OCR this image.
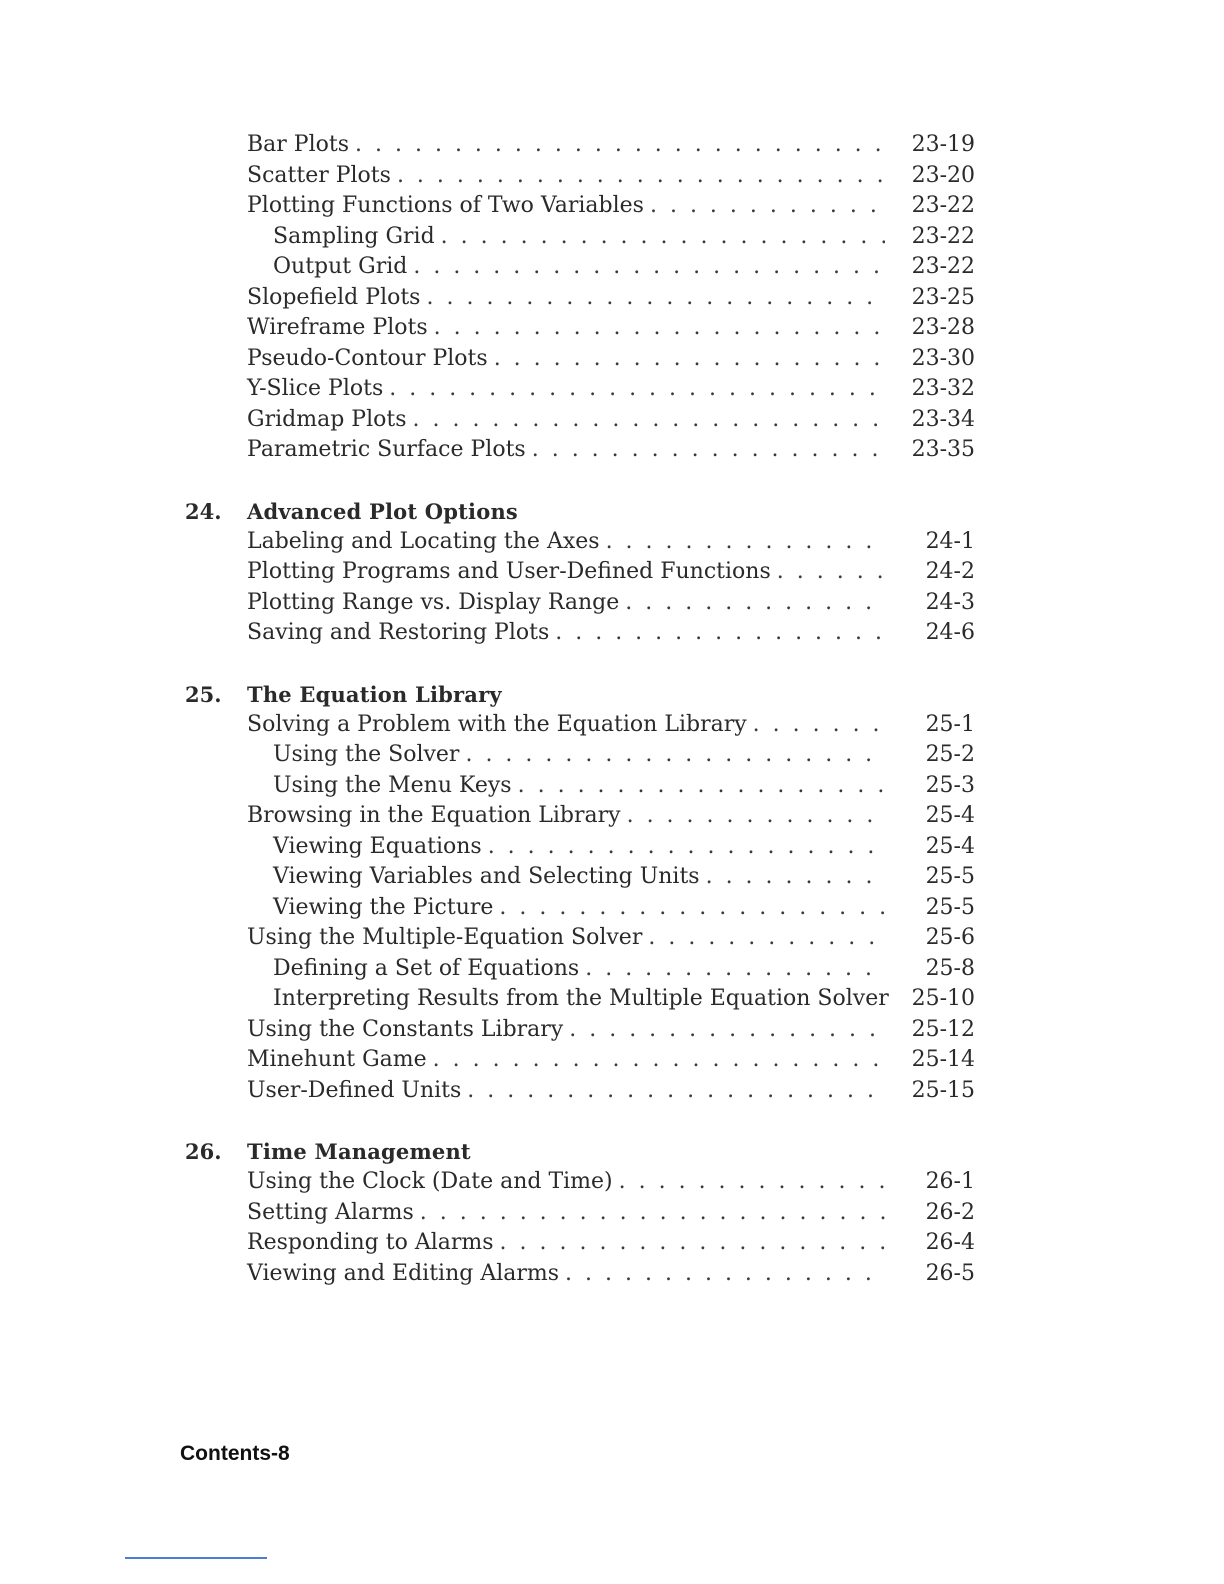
Bar Plots . . .	23-19
Scatter Plots . . .	23-20
Plotting Functions of Two Variables . . .	23-22
Sampling Grid . . .	23-22
Output Grid . . .	23-22
Slopefield Plots . . .	23-25
Wireframe Plots . . .	23-28
Pseudo-Contour Plots . . .	23-30
Y-Slice Plots . . .	23-32
Gridmap Plots . . .	23-34
Parametric Surface Plots . . .	23-35
24.	Advanced Plot Options
Labeling and Locating the Axes . . .	24-1
Plotting Programs and User-Defined Functions . . .	24-2
Plotting Range vs. Display Range . . .	24-3
Saving and Restoring Plots . . .	24-6
25.	The Equation Library
Solving a Problem with the Equation Library . . .	25-1
Using the Solver . . .	25-2
Using the Menu Keys . . .	25-3
Browsing in the Equation Library . . .	25-4
Viewing Equations . . .	25-4
Viewing Variables and Selecting Units . . .	25-5
Viewing the Picture . . .	25-5
Using the Multiple-Equation Solver . . .	25-6
Defining a Set of Equations . . .	25-8
Interpreting Results from the Multiple Equation Solver	25-10
Using the Constants Library . . .	25-12
Minehunt Game . . .	25-14
User-Defined Units . . .	25-15
26.	Time Management
Using the Clock (Date and Time) . . .	26-1
Setting Alarms . . .	26-2
Responding to Alarms . . .	26-4
Viewing and Editing Alarms . . .	26-5
Contents-8
